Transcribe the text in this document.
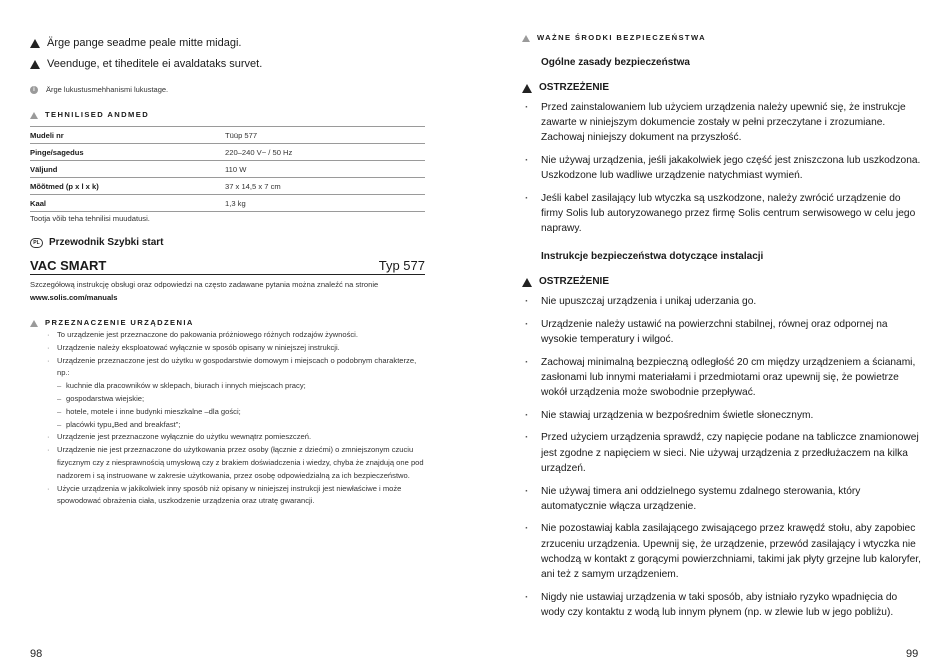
Ärge pange seadme peale mitte midagi.
Veenduge, et tiheditele ei avaldataks survet.
i	Ärge lukustusmehhanismi lukustage.
TEHNILISED ANDMED
Mudeli nr	Tüüp 577
Pinge/sagedus	220–240 V~ / 50 Hz
Väljund	110 W
Mõõtmed (p x l x k)	37 x 14,5 x 7 cm
Kaal	1,3 kg
Tootja võib teha tehnilisi muudatusi.
PL Przewodnik Szybki start
VAC SMART	Typ 577
Szczegółową instrukcję obsługi oraz odpowiedzi na często zadawane pytania można znaleźć na stronie
www.solis.com/manuals
PRZEZNACZENIE URZĄDZENIA
· To urządzenie jest przeznaczone do pakowania próżniowego różnych rodzajów żywności.
· Urządzenie należy eksploatować wyłącznie w sposób opisany w niniejszej instrukcji.
· Urządzenie przeznaczone jest do użytku w gospodarstwie domowym i miejscach o podobnym charakterze, np.:
– kuchnie dla pracowników w sklepach, biurach i innych miejscach pracy;
– gospodarstwa wiejskie;
– hotele, motele i inne budynki mieszkalne –dla gości;
– placówki typu„Bed and breakfast”;
· Urządzenie jest przeznaczone wyłącznie do użytku wewnątrz pomieszczeń.
· Urządzenie nie jest przeznaczone do użytkowania przez osoby (łącznie z dziećmi) o zmniejszonym czuciu fizycznym czy z niesprawnością umysłową czy z brakiem doświadczenia i wiedzy, chyba że znajdują one pod nadzorem i są instruowane w zakresie użytkowania, przez osobę odpowiedzialną za ich bezpieczeństwo.
· Użycie urządzenia w jakikolwiek inny sposób niż opisany w niniejszej instrukcji jest niewłaściwe i może spowodować obrażenia ciała, uszkodzenie urządzenia oraz utratę gwarancji.
98
WAŻNE ŚRODKI BEZPIECZEŃSTWA
Ogólne zasady bezpieczeństwa
OSTRZEŻENIE
· Przed zainstalowaniem lub użyciem urządzenia należy upewnić się, że instrukcje zawarte w niniejszym dokumencie zostały w pełni przeczytane i zrozumiane. Zachowaj niniejszy dokument na przyszłość.
· Nie używaj urządzenia, jeśli jakakolwiek jego część jest zniszczona lub uszkodzona. Uszkodzone lub wadliwe urządzenie natychmiast wymień.
· Jeśli kabel zasilający lub wtyczka są uszkodzone, należy zwrócić urządzenie do firmy Solis lub autoryzowanego przez firmę Solis centrum serwisowego w celu jego naprawy.
Instrukcje bezpieczeństwa dotyczące instalacji
OSTRZEŻENIE
· Nie upuszczaj urządzenia i unikaj uderzania go.
· Urządzenie należy ustawić na powierzchni stabilnej, równej oraz odpornej na wysokie temperatury i wilgoć.
· Zachowaj minimalną bezpieczną odległość 20 cm między urządzeniem a ścianami, zasłonami lub innymi materiałami i przedmiotami oraz upewnij się, że powietrze wokół urządzenia może swobodnie przepływać.
· Nie stawiaj urządzenia w bezpośrednim świetle słonecznym.
· Przed użyciem urządzenia sprawdź, czy napięcie podane na tabliczce znamionowej jest zgodne z napięciem w sieci. Nie używaj urządzenia z przedłużaczem na kilka urządzeń.
· Nie używaj timera ani oddzielnego systemu zdalnego sterowania, który automatycznie włącza urządzenie.
· Nie pozostawiaj kabla zasilającego zwisającego przez krawędź stołu, aby zapobiec zrzuceniu urządzenia. Upewnij się, że urządzenie, przewód zasilający i wtyczka nie wchodzą w kontakt z gorącymi powierzchniami, takimi jak płyty grzejne lub kaloryfer, ani też z samym urządzeniem.
· Nigdy nie ustawiaj urządzenia w taki sposób, aby istniało ryzyko wpadnięcia do wody czy kontaktu z wodą lub innym płynem (np. w zlewie lub w jego pobliżu).
99
